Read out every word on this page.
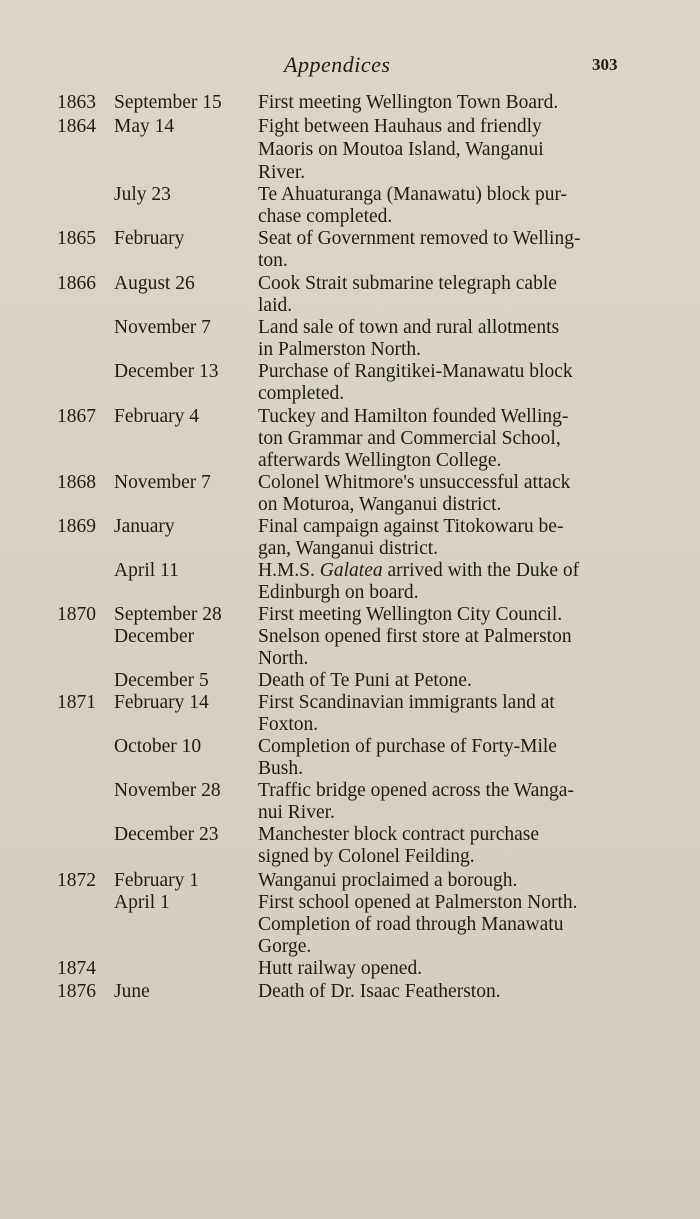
Appendices	303
1863 September 15 First meeting Wellington Town Board.
1864 May 14	Fight between Hauhaus and friendly
Maoris on Moutoa Island, Wanganui
River.
July 23	Te Ahuaturanga (Manawatu) block pur-
chase completed.
1865 February	Seat of Government removed to Welling-
ton.
1866 August 26	Cook Strait submarine telegraph cable
laid.
November 7 Land sale of town and rural allotments
in Palmerston North.
December 13 Purchase of Rangitikei-Manawatu block
completed.
1867 February 4	Tuckey and Hamilton founded Welling-
ton Grammar and Commercial School,
afterwards Wellington College.
1868 November 7 Colonel Whitmore's unsuccessful attack
on Moturoa, Wanganui district.
1869 January	Final campaign against Titokowaru be-
gan, Wanganui district.
April 11	H.M.S. Galatea arrived with the Duke of
Edinburgh on board.
1870 September 28 First meeting Wellington City Council.
December	Snelson opened first store at Palmerston
North.
December 5	Death of Te Puni at Petone.
1871 February 14	First Scandinavian immigrants land at
Foxton.
October 10	Completion of purchase of Forty-Mile
Bush.
November 28 Traffic bridge opened across the Wanga-
nui River.
December 23 Manchester block contract purchase
signed by Colonel Feilding.
1872 February 1	Wanganui proclaimed a borough.
April 1	First school opened at Palmerston North.
Completion of road through Manawatu
Gorge.
1874	Hutt railway opened.
1876 June	Death of Dr. Isaac Featherston.
